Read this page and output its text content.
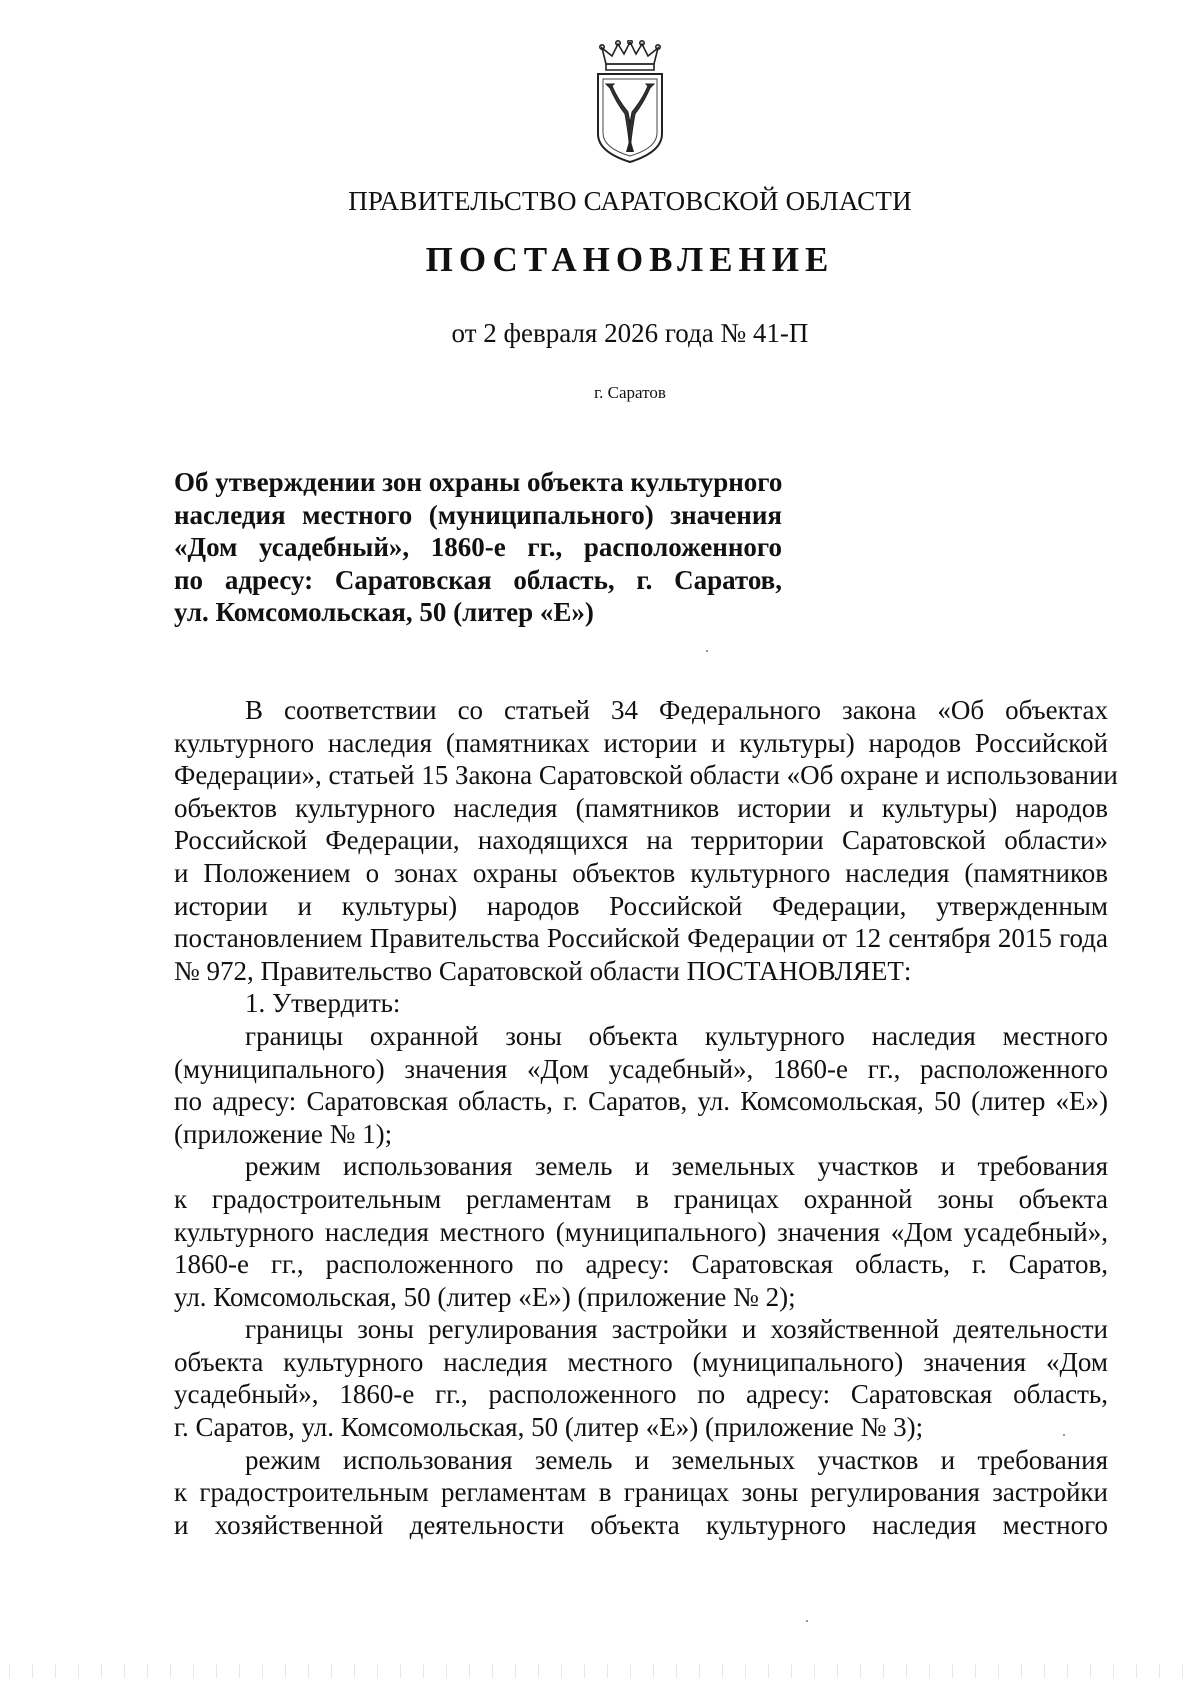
ПРАВИТЕЛЬСТВО САРАТОВСКОЙ ОБЛАСТИ
ПОСТАНОВЛЕНИЕ
от 2 февраля 2026 года № 41-П
г. Саратов
Об утверждении зон охраны объекта культурного
наследия местного (муниципального) значения
«Дом усадебный», 1860-е гг., расположенного
по адресу: Саратовская область, г. Саратов,
ул. Комсомольская, 50 (литер «Е»)
В соответствии со статьей 34 Федерального закона «Об объектах
культурного наследия (памятниках истории и культуры) народов Российской
Федерации», статьей 15 Закона Саратовской области «Об охране и использовании
объектов культурного наследия (памятников истории и культуры) народов
Российской Федерации, находящихся на территории Саратовской области»
и Положением о зонах охраны объектов культурного наследия (памятников
истории и культуры) народов Российской Федерации, утвержденным
постановлением Правительства Российской Федерации от 12 сентября 2015 года
№ 972, Правительство Саратовской области ПОСТАНОВЛЯЕТ:
1. Утвердить:
границы охранной зоны объекта культурного наследия местного
(муниципального) значения «Дом усадебный», 1860-е гг., расположенного
по адресу: Саратовская область, г. Саратов, ул. Комсомольская, 50 (литер «Е»)
(приложение № 1);
режим использования земель и земельных участков и требования
к градостроительным регламентам в границах охранной зоны объекта
культурного наследия местного (муниципального) значения «Дом усадебный»,
1860-е гг., расположенного по адресу: Саратовская область, г. Саратов,
ул. Комсомольская, 50 (литер «Е») (приложение № 2);
границы зоны регулирования застройки и хозяйственной деятельности
объекта культурного наследия местного (муниципального) значения «Дом
усадебный», 1860-е гг., расположенного по адресу: Саратовская область,
г. Саратов, ул. Комсомольская, 50 (литер «Е») (приложение № 3);
режим использования земель и земельных участков и требования
к градостроительным регламентам в границах зоны регулирования застройки
и хозяйственной деятельности объекта культурного наследия местного
